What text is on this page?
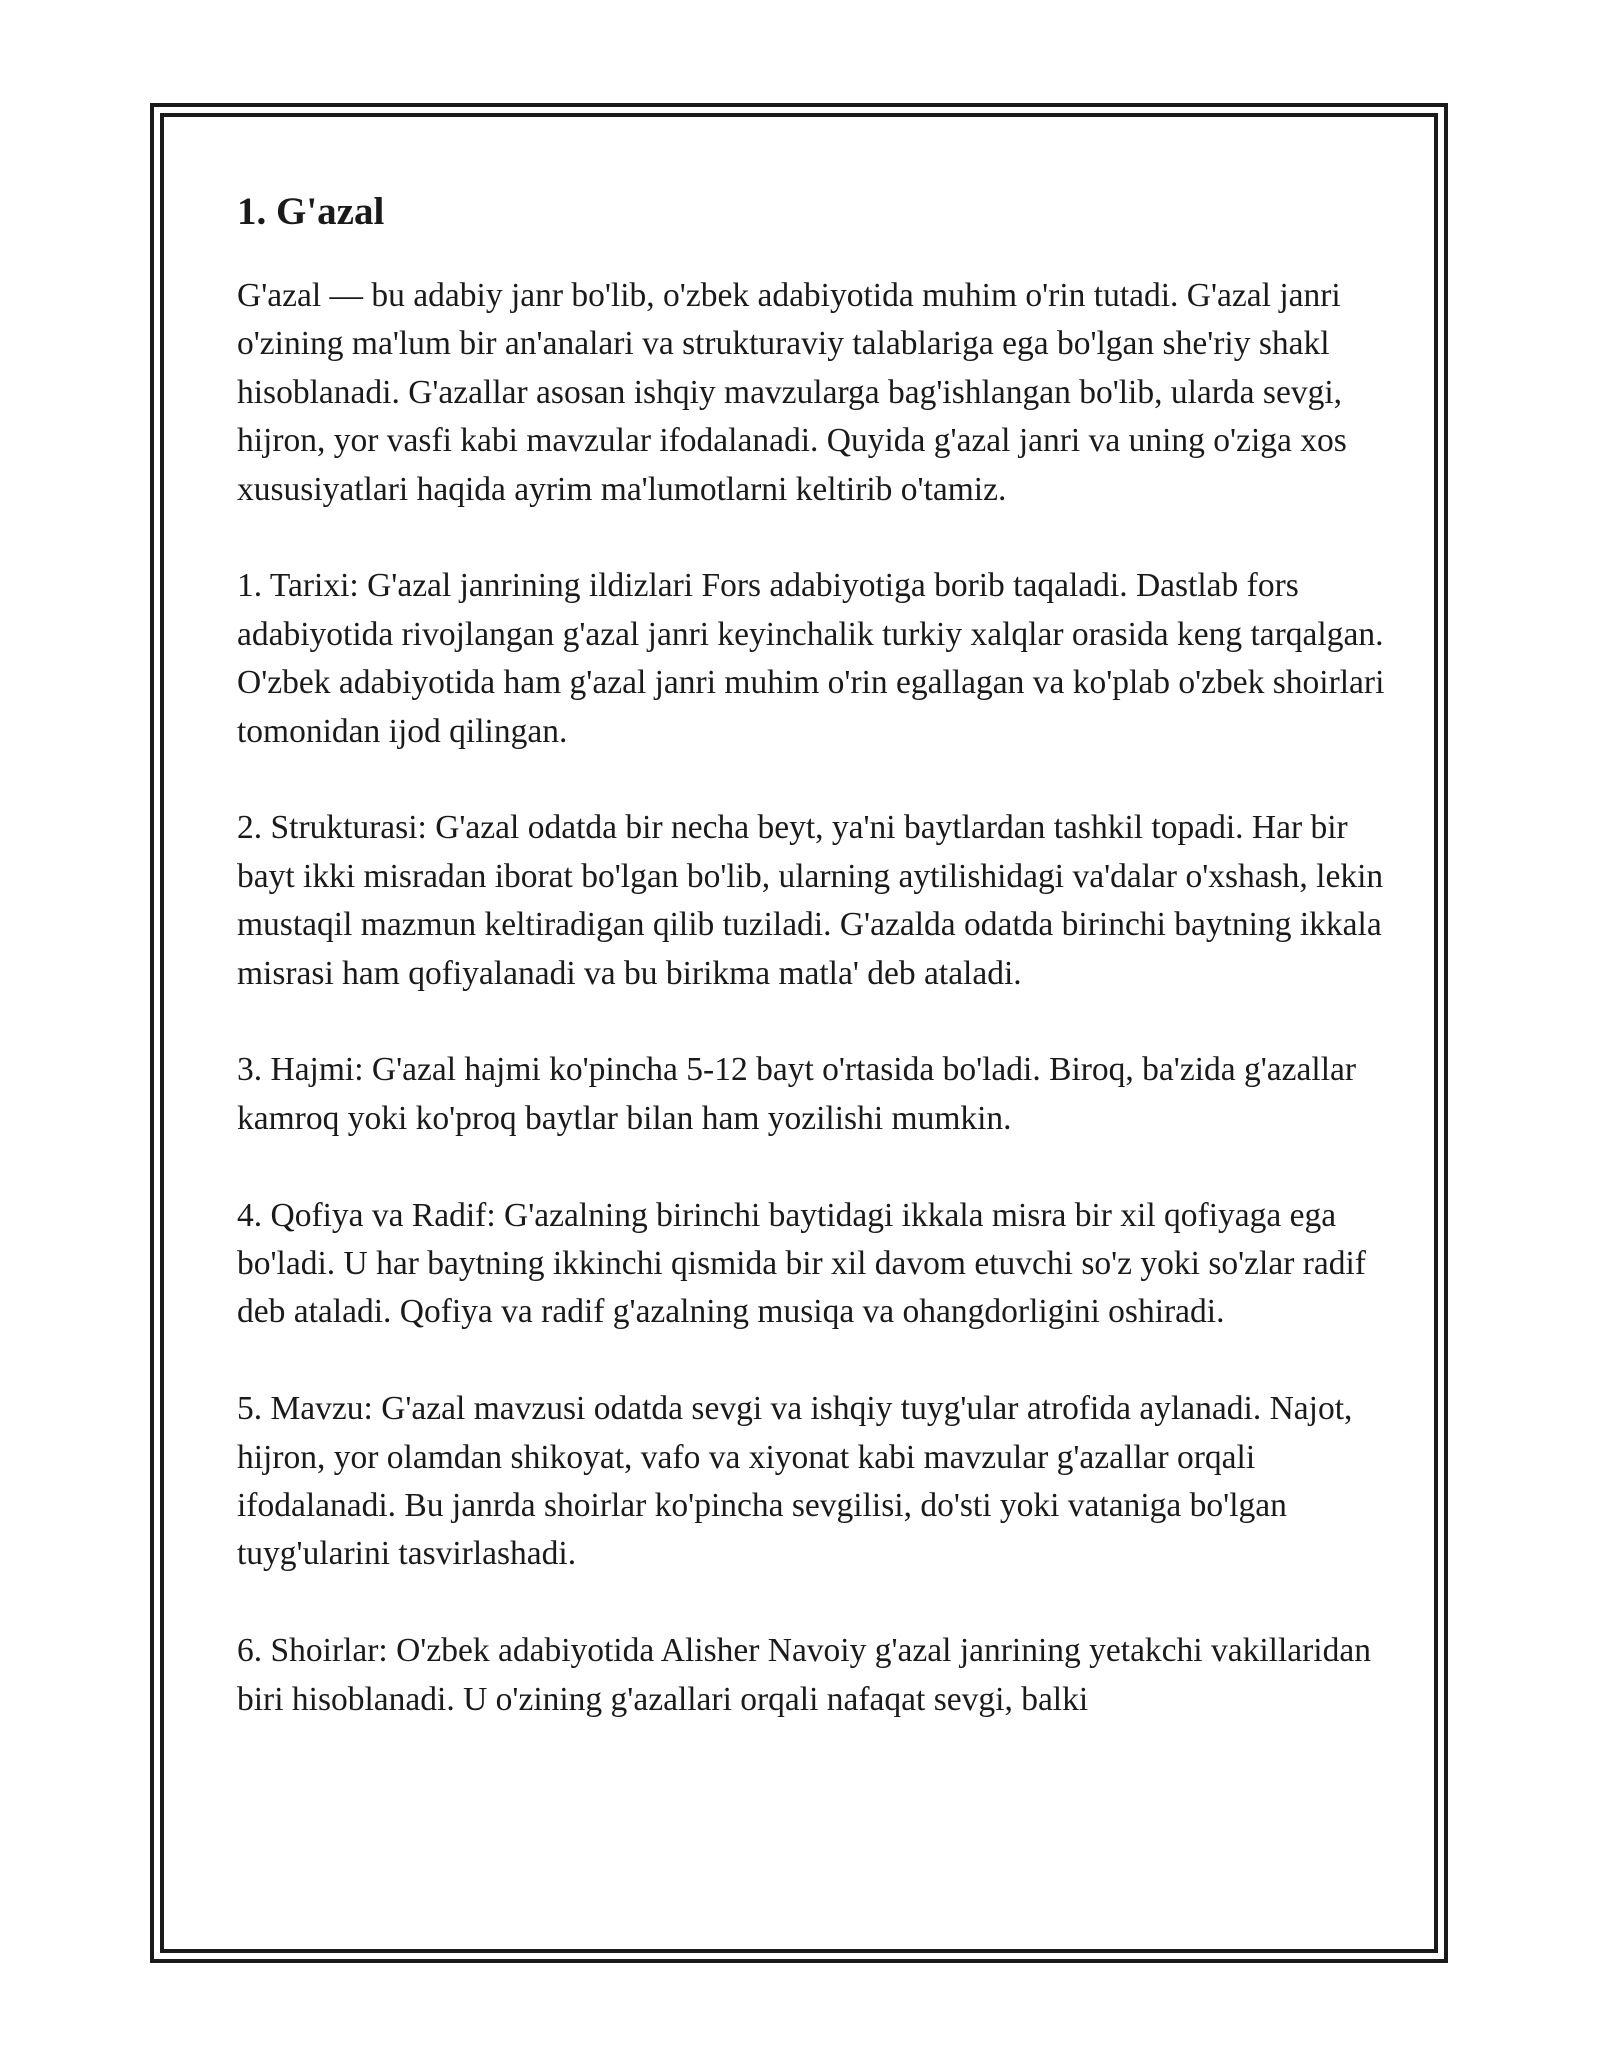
1. G'azal

G'azal — bu adabiy janr bo'lib, o'zbek adabiyotida muhim o'rin tutadi. G'azal janri o'zining ma'lum bir an'analari va strukturaviy talablariga ega bo'lgan she'riy shakl hisoblanadi. G'azallar asosan ishqiy mavzularga bag'ishlangan bo'lib, ularda sevgi, hijron, yor vasfi kabi mavzular ifodalanadi. Quyida g'azal janri va uning o'ziga xos xususiyatlari haqida ayrim ma'lumotlarni keltirib o'tamiz.

1. Tarixi: G'azal janrining ildizlari Fors adabiyotiga borib taqaladi. Dastlab fors adabiyotida rivojlangan g'azal janri keyinchalik turkiy xalqlar orasida keng tarqalgan. O'zbek adabiyotida ham g'azal janri muhim o'rin egallagan va ko'plab o'zbek shoirlari tomonidan ijod qilingan.

2. Strukturasi: G'azal odatda bir necha beyt, ya'ni baytlardan tashkil topadi. Har bir bayt ikki misradan iborat bo'lgan bo'lib, ularning aytilishidagi va'dalar o'xshash, lekin mustaqil mazmun keltiradigan qilib tuziladi. G'azalda odatda birinchi baytning ikkala misrasi ham qofiyalanadi va bu birikma matla' deb ataladi.

3. Hajmi: G'azal hajmi ko'pincha 5-12 bayt o'rtasida bo'ladi. Biroq, ba'zida g'azallar kamroq yoki ko'proq baytlar bilan ham yozilishi mumkin.

4. Qofiya va Radif: G'azalning birinchi baytidagi ikkala misra bir xil qofiyaga ega bo'ladi. U har baytning ikkinchi qismida bir xil davom etuvchi so'z yoki so'zlar radif deb ataladi. Qofiya va radif g'azalning musiqa va ohangdorligini oshiradi.

5. Mavzu: G'azal mavzusi odatda sevgi va ishqiy tuyg'ular atrofida aylanadi. Najot, hijron, yor olamdan shikoyat, vafo va xiyonat kabi mavzular g'azallar orqali ifodalanadi. Bu janrda shoirlar ko'pincha sevgilisi, do'sti yoki vataniga bo'lgan tuyg'ularini tasvirlashadi.

6. Shoirlar: O'zbek adabiyotida Alisher Navoiy g'azal janrining yetakchi vakillaridan biri hisoblanadi. U o'zining g'azallari orqali nafaqat sevgi, balki
